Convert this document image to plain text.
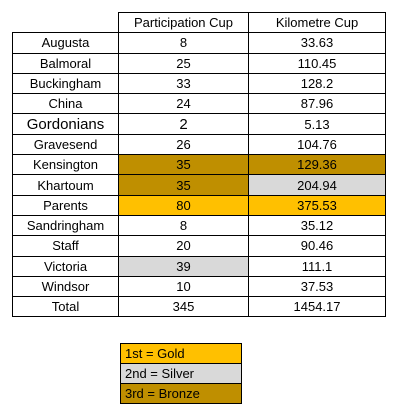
	Participation Cup	Kilometre Cup
Augusta	8	33.63
Balmoral	25	110.45
Buckingham	33	128.2
China	24	87.96
Gordonians	2	5.13
Gravesend	26	104.76
Kensington	35	129.36
Khartoum	35	204.94
Parents	80	375.53
Sandringham	8	35.12
Staff	20	90.46
Victoria	39	111.1
Windsor	10	37.53
Total	345	1454.17
1st = Gold
2nd = Silver
3rd = Bronze
